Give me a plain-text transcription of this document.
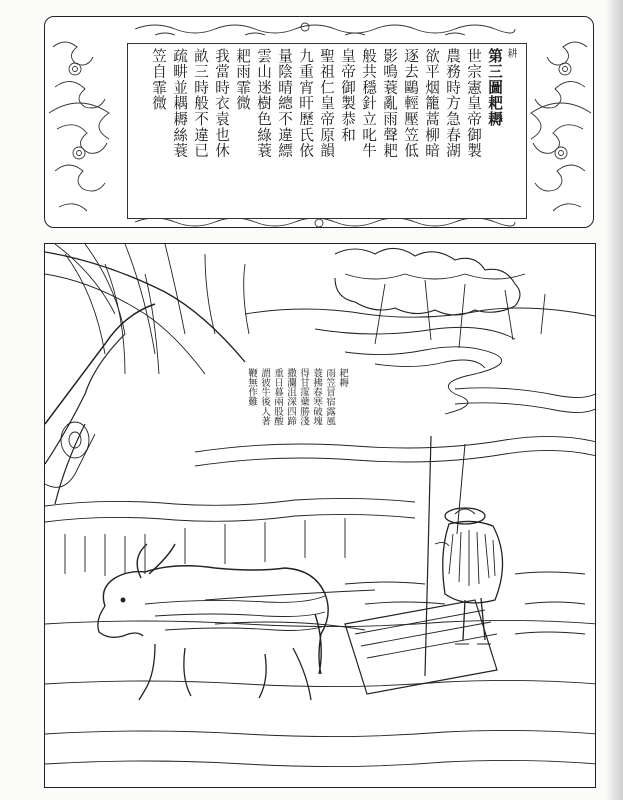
耕
第三圖耙耨
世宗憲皇帝御製
農務時方急春湖
欲平烟籠蒿柳暗
逐去鷗輕壓笠低
影鳴蓑亂雨聲耙
般共穩針立叱牛
皇帝御製恭和
聖祖仁皇帝原韻
九重宵旰歷氏依
量陰晴總不違縹
雲山迷樹色綠蓑
耙雨霏微
我當時衣袁也休
畝三時般不違已
疏畊並耦耨絲蓑
笠自霏微
耙耨
雨笠冒宿露風
蓑拂春寒破塊
得甘霪蘗勝淺
撒瀾沮深四蹄
重日暮兩股酸
謂彼牛後人著
鞭無作難
